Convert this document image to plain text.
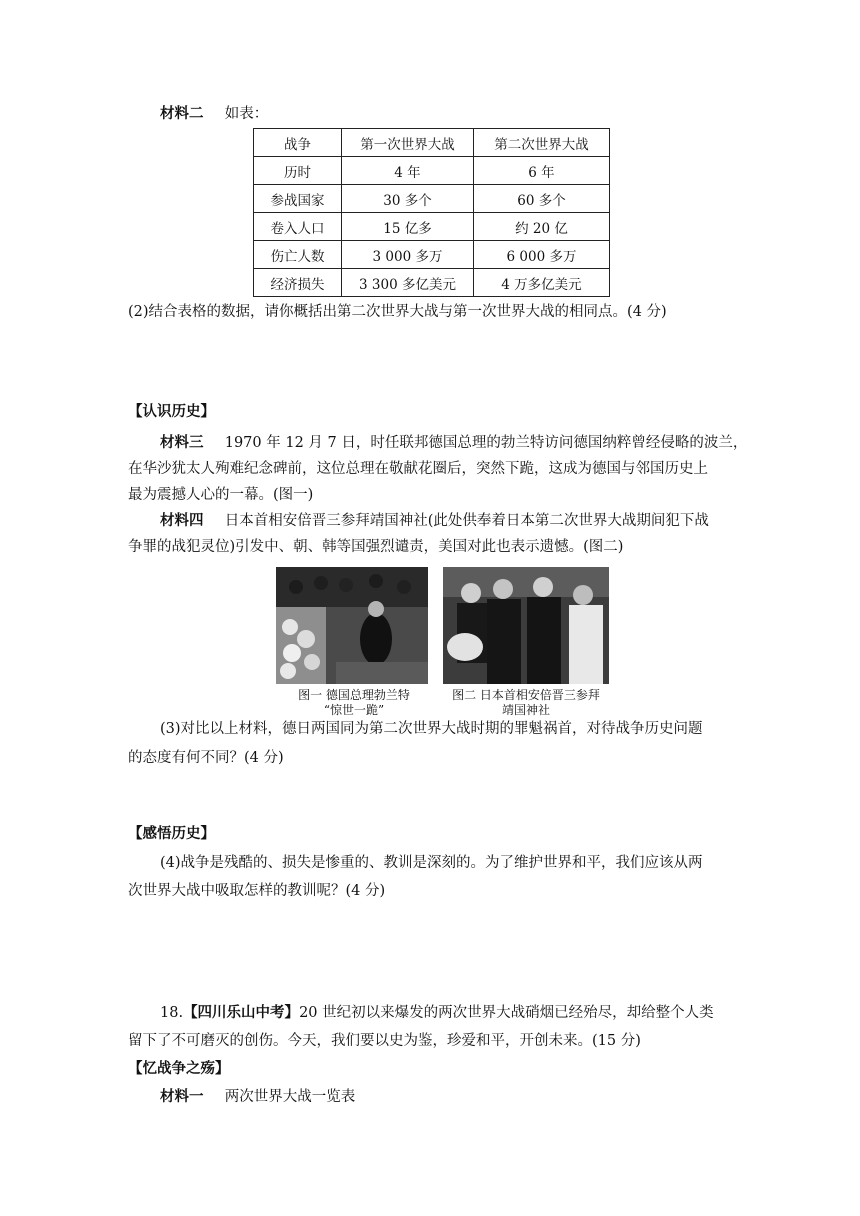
材料二 如表：
战争	第一次世界大战	第二次世界大战
历时	4 年	6 年
参战国家	30 多个	60 多个
卷入人口	15 亿多	约 20 亿
伤亡人数	3 000 多万	6 000 多万
经济损失	3 300 多亿美元	4 万多亿美元
(2)结合表格的数据，请你概括出第二次世界大战与第一次世界大战的相同点。(4 分)
【认识历史】
材料三 1970 年 12 月 7 日，时任联邦德国总理的勃兰特访问德国纳粹曾经侵略的波兰，
在华沙犹太人殉难纪念碑前，这位总理在敬献花圈后，突然下跪，这成为德国与邻国历史上
最为震撼人心的一幕。(图一)
材料四 日本首相安倍晋三参拜靖国神社(此处供奉着日本第二次世界大战期间犯下战
争罪的战犯灵位)引发中、朝、韩等国强烈谴责，美国对此也表示遗憾。(图二)
图一 德国总理勃兰特
“惊世一跪”
图二 日本首相安倍晋三参拜
靖国神社
(3)对比以上材料，德日两国同为第二次世界大战时期的罪魁祸首，对待战争历史问题
的态度有何不同？(4 分)
【感悟历史】
(4)战争是残酷的、损失是惨重的、教训是深刻的。为了维护世界和平，我们应该从两
次世界大战中吸取怎样的教训呢？(4 分)
18.【四川乐山中考】20 世纪初以来爆发的两次世界大战硝烟已经殆尽，却给整个人类
留下了不可磨灭的创伤。今天，我们要以史为鉴，珍爱和平，开创未来。(15 分)
【忆战争之殇】
材料一 两次世界大战一览表
